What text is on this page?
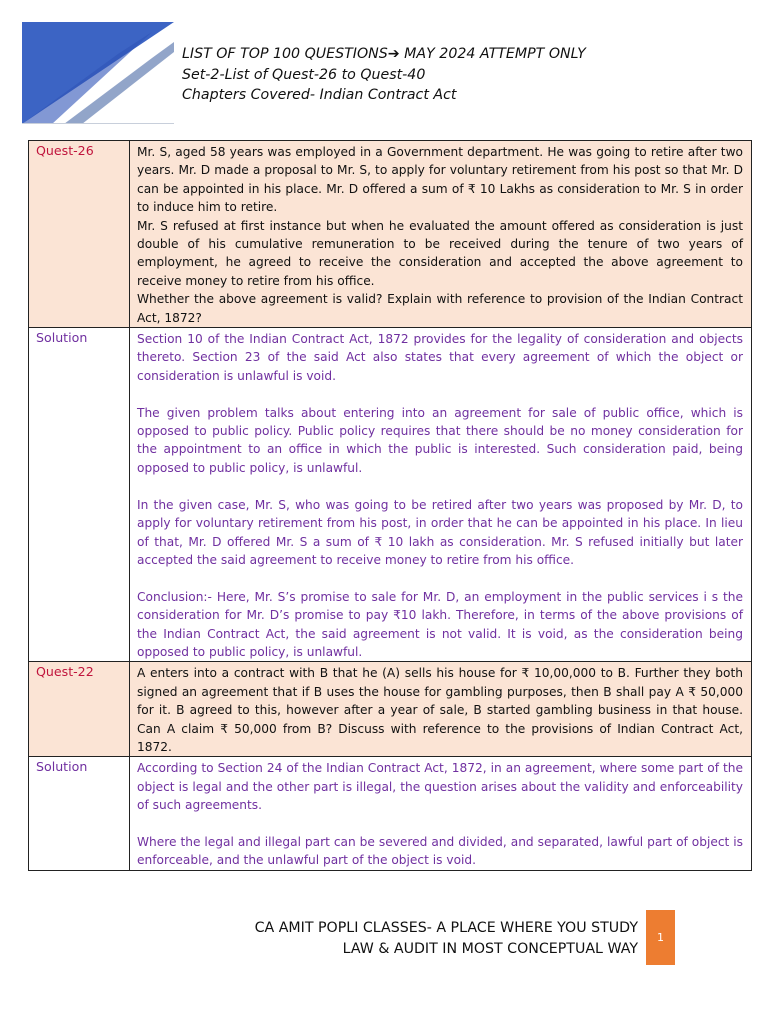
LIST OF TOP 100 QUESTIONS➔ MAY 2024 ATTEMPT ONLY
Set-2-List of Quest-26 to Quest-40
Chapters Covered- Indian Contract Act
Quest-26	Mr. S, aged 58 years was employed in a Government department. He was going to retire after two years. Mr. D made a proposal to Mr. S, to apply for voluntary retirement from his post so that Mr. D can be appointed in his place. Mr. D offered a sum of ₹ 10 Lakhs as consideration to Mr. S in order to induce him to retire.

Mr. S refused at first instance but when he evaluated the amount offered as consideration is just double of his cumulative remuneration to be received during the tenure of two years of employment, he agreed to receive the consideration and accepted the above agreement to receive money to retire from his office.

Whether the above agreement is valid? Explain with reference to provision of the Indian Contract Act, 1872?

Solution	Section 10 of the Indian Contract Act, 1872 provides for the legality of consideration and objects thereto. Section 23 of the said Act also states that every agreement of which the object or consideration is unlawful is void.

The given problem talks about entering into an agreement for sale of public office, which is opposed to public policy. Public policy requires that there should be no money consideration for the appointment to an office in which the public is interested. Such consideration paid, being opposed to public policy, is unlawful.

In the given case, Mr. S, who was going to be retired after two years was proposed by Mr. D, to apply for voluntary retirement from his post, in order that he can be appointed in his place. In lieu of that, Mr. D offered Mr. S a sum of ₹ 10 lakh as consideration. Mr. S refused initially but later accepted the said agreement to receive money to retire from his office.

Conclusion:- Here, Mr. S’s promise to sale for Mr. D, an employment in the public services i s the consideration for Mr. D’s promise to pay ₹10 lakh. Therefore, in terms of the above provisions of the Indian Contract Act, the said agreement is not valid. It is void, as the consideration being opposed to public policy, is unlawful.

Quest-22	A enters into a contract with B that he (A) sells his house for ₹ 10,00,000 to B. Further they both signed an agreement that if B uses the house for gambling purposes, then B shall pay A ₹ 50,000 for it. B agreed to this, however after a year of sale, B started gambling business in that house. Can A claim ₹ 50,000 from B? Discuss with reference to the provisions of Indian Contract Act, 1872.

Solution	According to Section 24 of the Indian Contract Act, 1872, in an agreement, where some part of the object is legal and the other part is illegal, the question arises about the validity and enforceability of such agreements.

Where the legal and illegal part can be severed and divided, and separated, lawful part of object is enforceable, and the unlawful part of the object is void.

CA AMIT POPLI CLASSES- A PLACE WHERE YOU STUDY
LAW & AUDIT IN MOST CONCEPTUAL WAY
1
